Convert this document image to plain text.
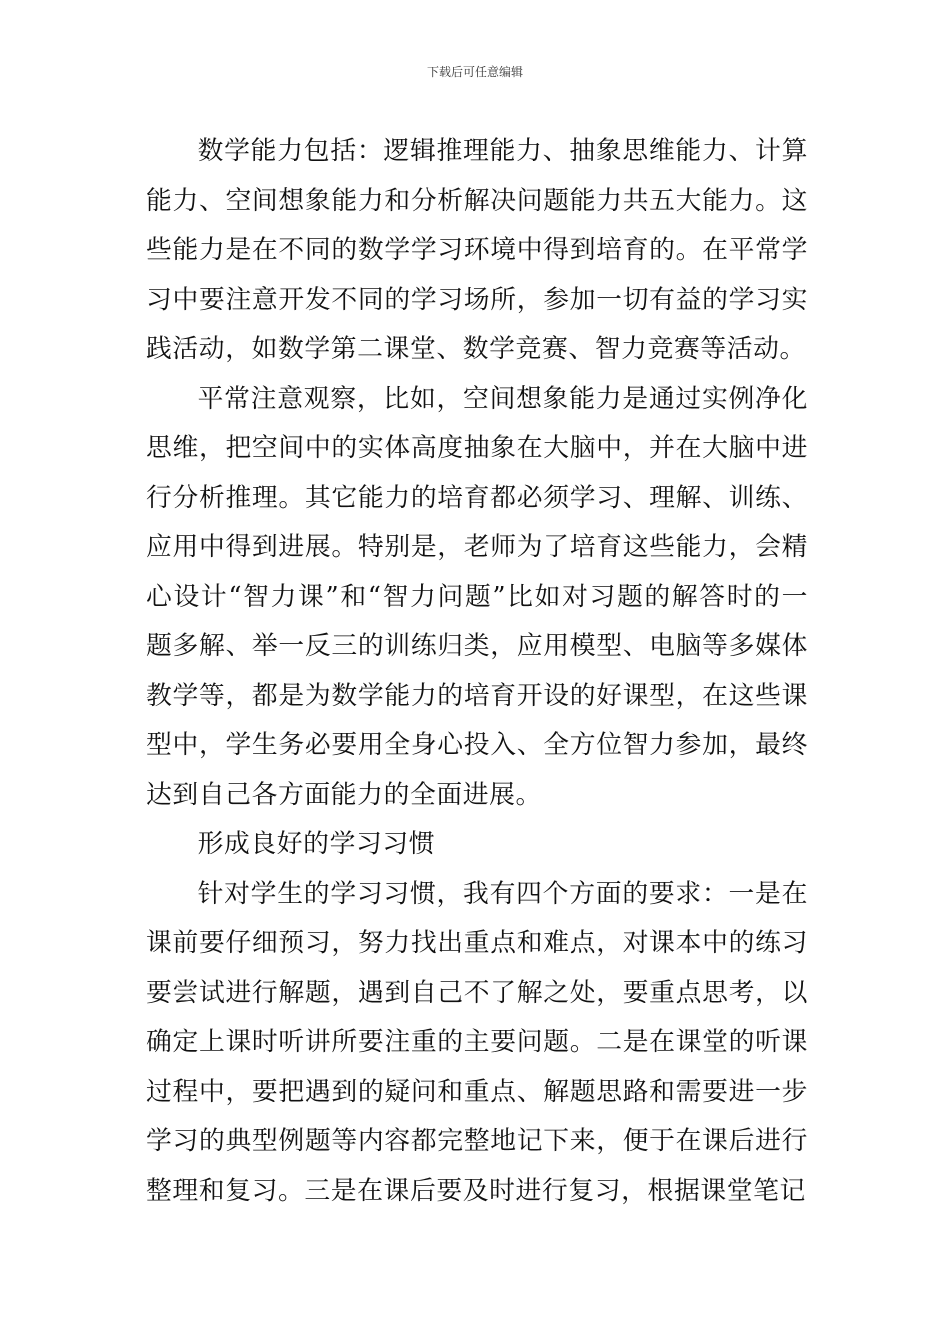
下载后可任意编辑

数学能力包括：逻辑推理能力、抽象思维能力、计算能力、空间想象能力和分析解决问题能力共五大能力。这些能力是在不同的数学学习环境中得到培育的。在平常学习中要注意开发不同的学习场所，参加一切有益的学习实践活动，如数学第二课堂、数学竞赛、智力竞赛等活动。

平常注意观察，比如，空间想象能力是通过实例净化思维，把空间中的实体高度抽象在大脑中，并在大脑中进行分析推理。其它能力的培育都必须学习、理解、训练、应用中得到进展。特别是，老师为了培育这些能力，会精心设计“智力课”和“智力问题”比如对习题的解答时的一题多解、举一反三的训练归类，应用模型、电脑等多媒体教学等，都是为数学能力的培育开设的好课型，在这些课型中，学生务必要用全身心投入、全方位智力参加，最终达到自己各方面能力的全面进展。

形成良好的学习习惯

针对学生的学习习惯，我有四个方面的要求：一是在课前要仔细预习，努力找出重点和难点，对课本中的练习要尝试进行解题，遇到自己不了解之处，要重点思考，以确定上课时听讲所要注重的主要问题。二是在课堂的听课过程中，要把遇到的疑问和重点、解题思路和需要进一步学习的典型例题等内容都完整地记下来，便于在课后进行整理和复习。三是在课后要及时进行复习，根据课堂笔记
